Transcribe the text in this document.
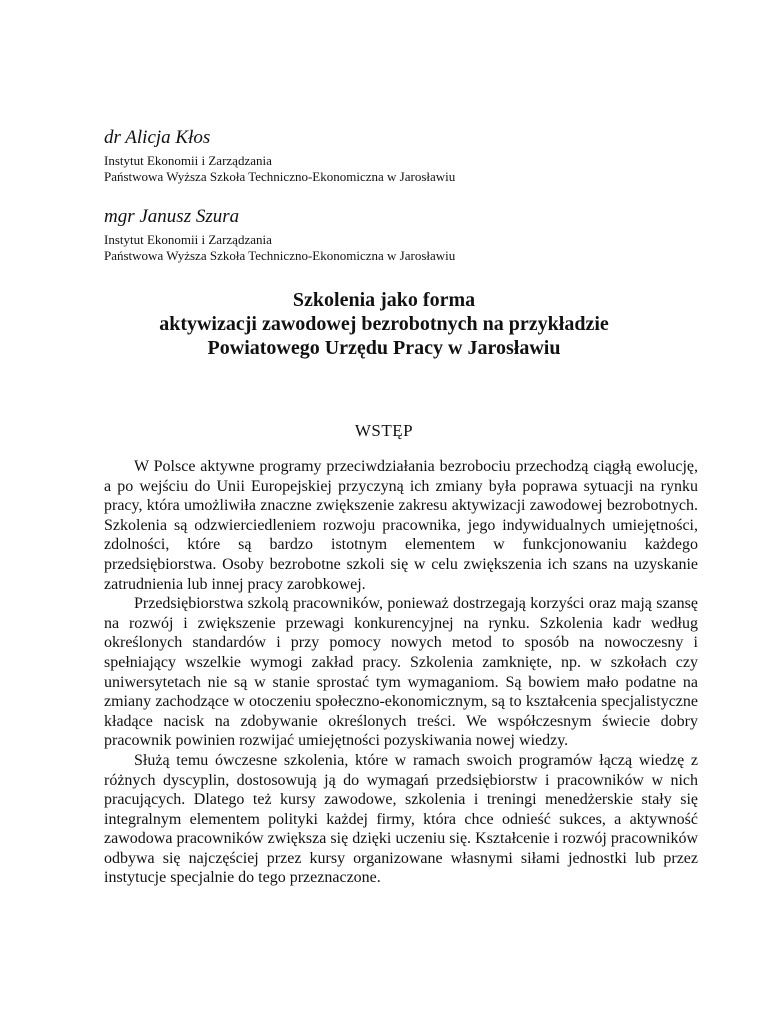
dr Alicja Kłos
Instytut Ekonomii i Zarządzania
Państwowa Wyższa Szkoła Techniczno-Ekonomiczna w Jarosławiu
mgr Janusz Szura
Instytut Ekonomii i Zarządzania
Państwowa Wyższa Szkoła Techniczno-Ekonomiczna w Jarosławiu
Szkolenia jako forma
aktywizacji zawodowej bezrobotnych na przykładzie
Powiatowego Urzędu Pracy w Jarosławiu
WSTĘP

W Polsce aktywne programy przeciwdziałania bezrobociu przechodzą ciągłą ewolucję, a po wejściu do Unii Europejskiej przyczyną ich zmiany była poprawa sytuacji na rynku pracy, która umożliwiła znaczne zwiększenie zakresu aktywizacji zawodowej bezrobotnych. Szkolenia są odzwierciedleniem rozwoju pracownika, jego indywidualnych umiejętności, zdolności, które są bardzo istotnym elementem w funkcjonowaniu każdego przedsiębiorstwa. Osoby bezrobotne szkoli się w celu zwiększenia ich szans na uzyskanie zatrudnienia lub innej pracy zarobkowej.

Przedsiębiorstwa szkolą pracowników, ponieważ dostrzegają korzyści oraz mają szansę na rozwój i zwiększenie przewagi konkurencyjnej na rynku. Szkolenia kadr według określonych standardów i przy pomocy nowych metod to sposób na nowoczesny i spełniający wszelkie wymogi zakład pracy. Szkolenia zamknięte, np. w szkołach czy uniwersytetach nie są w stanie sprostać tym wymaganiom. Są bowiem mało podatne na zmiany zachodzące w otoczeniu społeczno-ekonomicznym, są to kształcenia specjalistyczne kładące nacisk na zdobywanie określonych treści. We współczesnym świecie dobry pracownik powinien rozwijać umiejętności pozyskiwania nowej wiedzy.

Służą temu ówczesne szkolenia, które w ramach swoich programów łączą wiedzę z różnych dyscyplin, dostosowują ją do wymagań przedsiębiorstw i pracowników w nich pracujących. Dlatego też kursy zawodowe, szkolenia i treningi menedżerskie stały się integralnym elementem polityki każdej firmy, która chce odnieść sukces, a aktywność zawodowa pracowników zwiększa się dzięki uczeniu się. Kształcenie i rozwój pracowników odbywa się najczęściej przez kursy organizowane własnymi siłami jednostki lub przez instytucje specjalnie do tego przeznaczone.
